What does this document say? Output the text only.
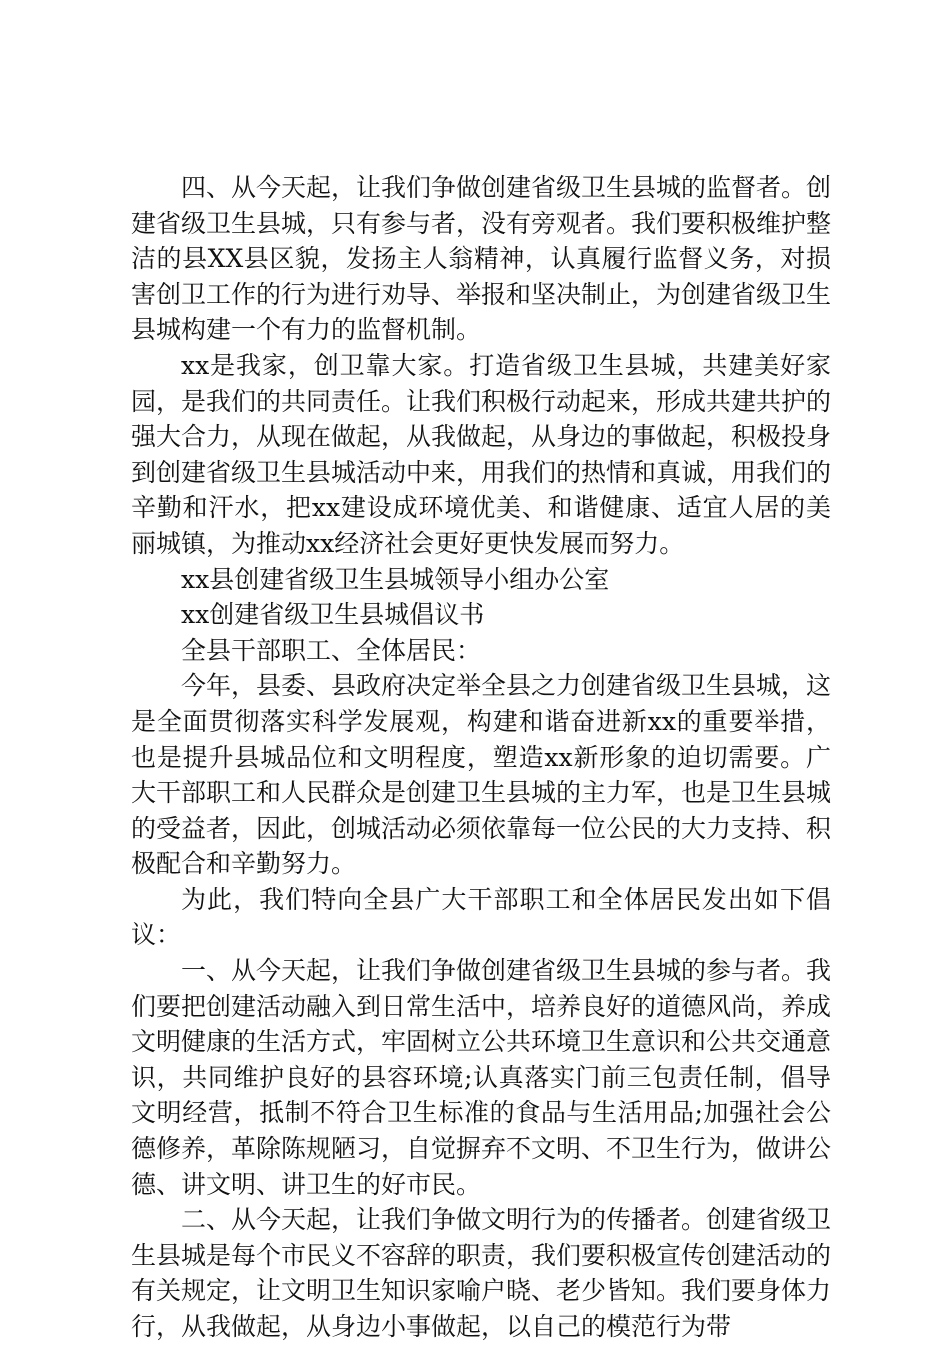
四、从今天起，让我们争做创建省级卫生县城的监督者。创建省级卫生县城，只有参与者，没有旁观者。我们要积极维护整洁的县XX县区貌，发扬主人翁精神，认真履行监督义务，对损害创卫工作的行为进行劝导、举报和坚决制止，为创建省级卫生县城构建一个有力的监督机制。

xx是我家，创卫靠大家。打造省级卫生县城，共建美好家园，是我们的共同责任。让我们积极行动起来，形成共建共护的强大合力，从现在做起，从我做起，从身边的事做起，积极投身到创建省级卫生县城活动中来，用我们的热情和真诚，用我们的辛勤和汗水，把xx建设成环境优美、和谐健康、适宜人居的美丽城镇，为推动xx经济社会更好更快发展而努力。

xx县创建省级卫生县城领导小组办公室

xx创建省级卫生县城倡议书

全县干部职工、全体居民：

今年，县委、县政府决定举全县之力创建省级卫生县城，这是全面贯彻落实科学发展观，构建和谐奋进新xx的重要举措，也是提升县城品位和文明程度，塑造xx新形象的迫切需要。广大干部职工和人民群众是创建卫生县城的主力军，也是卫生县城的受益者，因此，创城活动必须依靠每一位公民的大力支持、积极配合和辛勤努力。

为此，我们特向全县广大干部职工和全体居民发出如下倡议：

一、从今天起，让我们争做创建省级卫生县城的参与者。我们要把创建活动融入到日常生活中，培养良好的道德风尚，养成文明健康的生活方式，牢固树立公共环境卫生意识和公共交通意识，共同维护良好的县容环境;认真落实门前三包责任制，倡导文明经营，抵制不符合卫生标准的食品与生活用品;加强社会公德修养，革除陈规陋习，自觉摒弃不文明、不卫生行为，做讲公德、讲文明、讲卫生的好市民。

二、从今天起，让我们争做文明行为的传播者。创建省级卫生县城是每个市民义不容辞的职责，我们要积极宣传创建活动的有关规定，让文明卫生知识家喻户晓、老少皆知。我们要身体力行，从我做起，从身边小事做起，以自己的模范行为带
